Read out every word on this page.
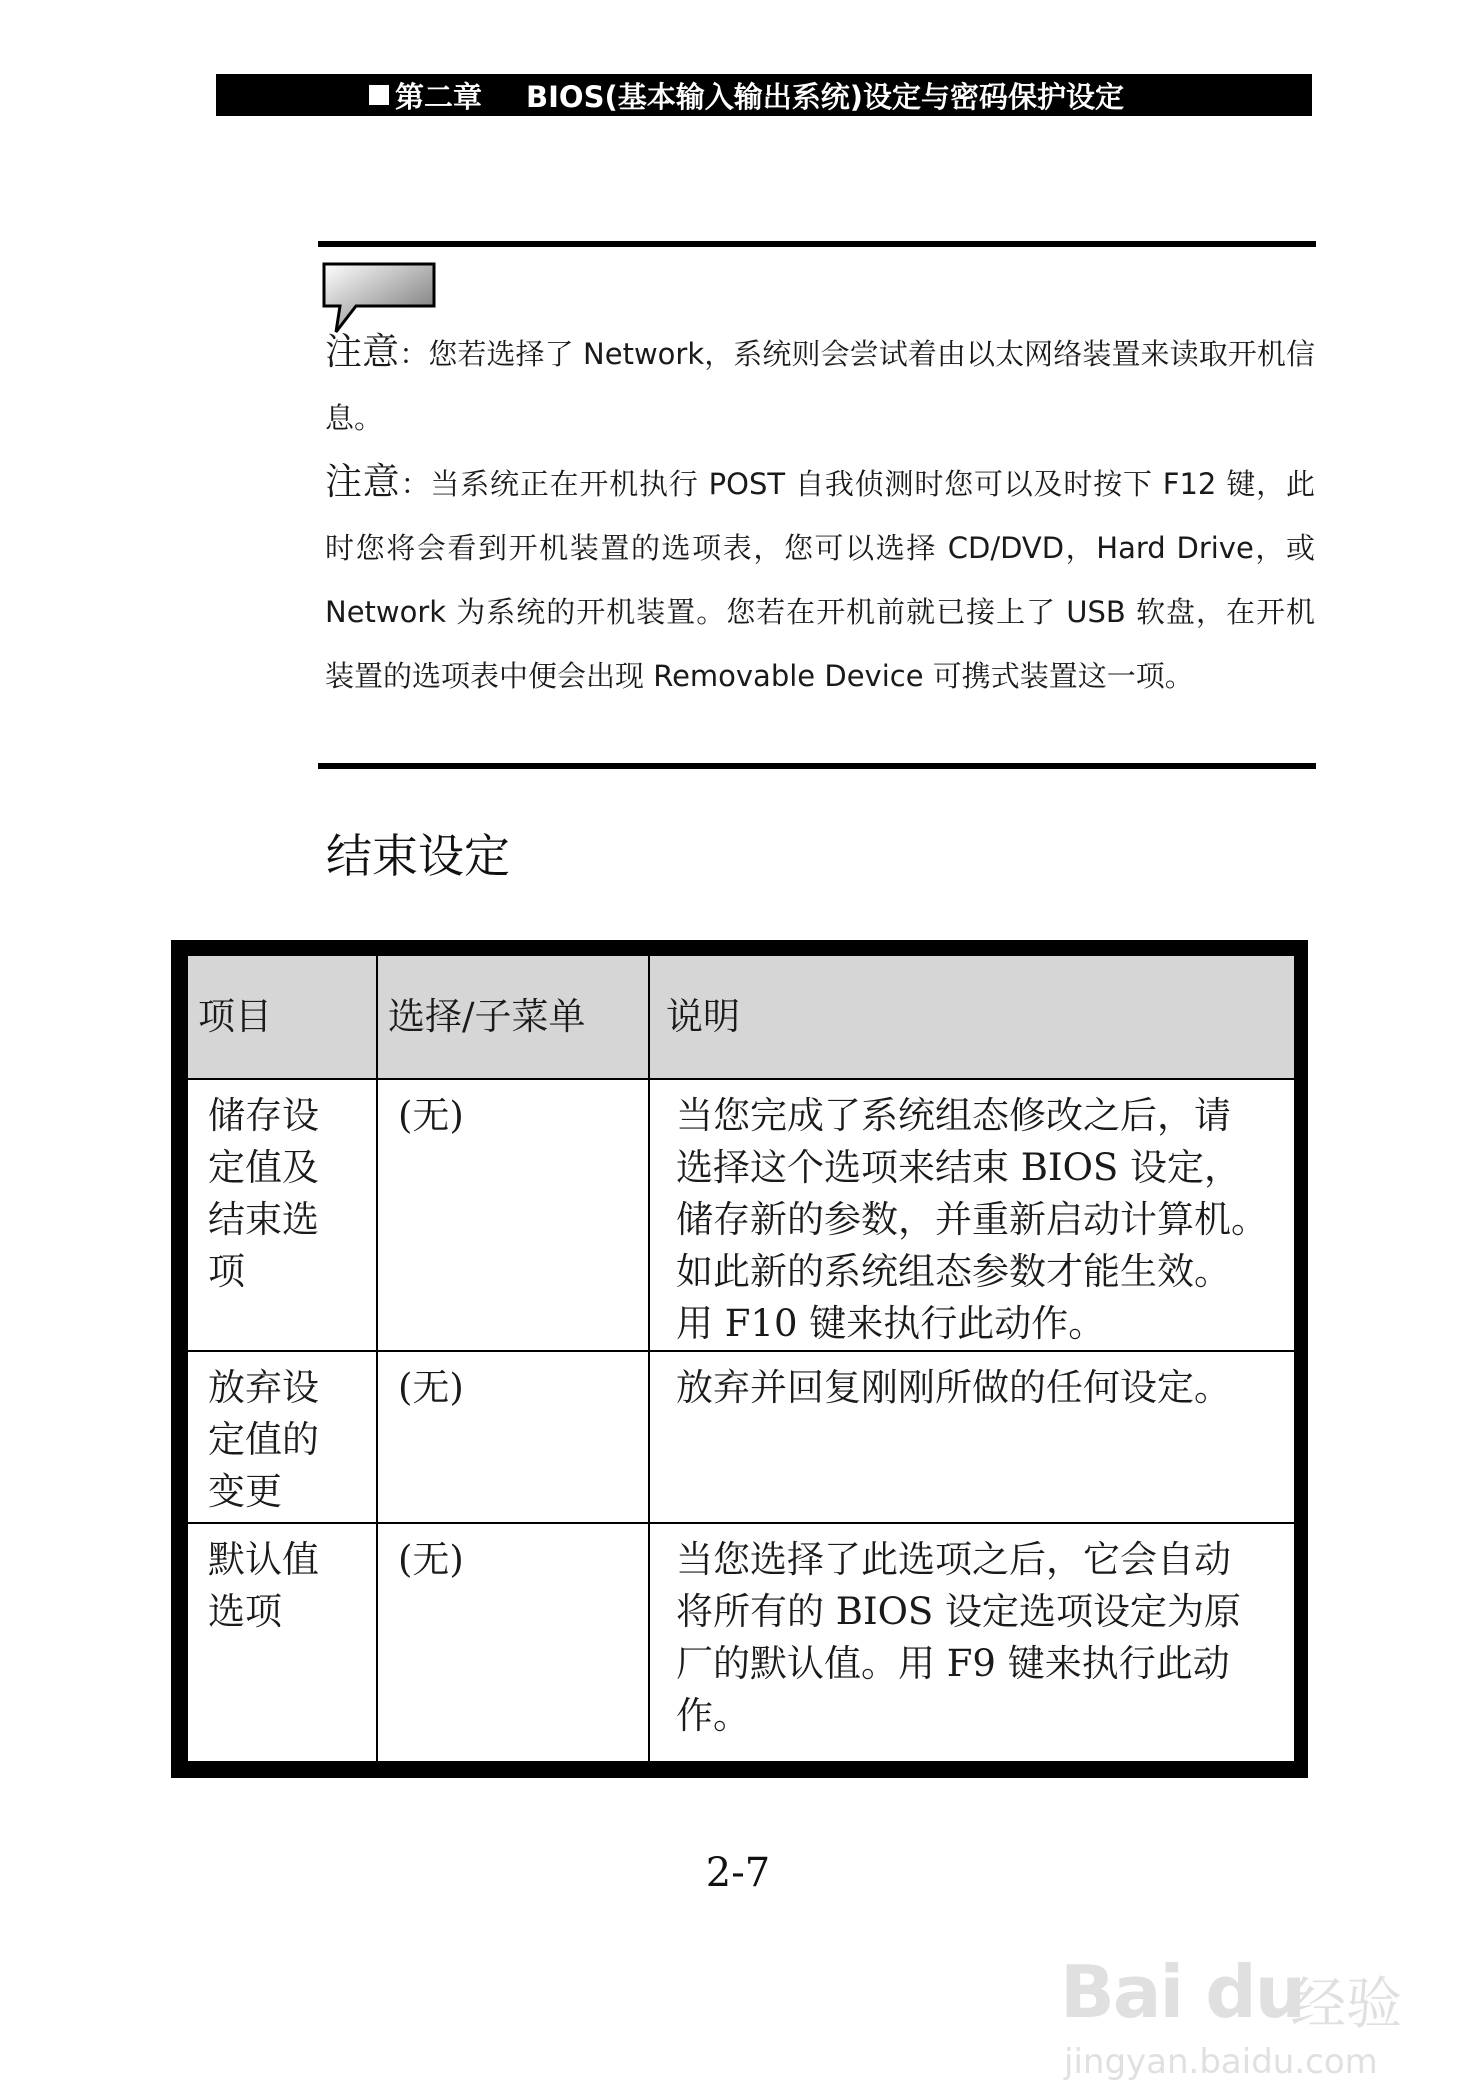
第二章 BIOS(基本输入输出系统)设定与密码保护设定

注意：您若选择了 Network，系统则会尝试着由以太网络装置来读取开机信息。

注意：当系统正在开机执行 POST 自我侦测时您可以及时按下 F12 键，此时您将会看到开机装置的选项表，您可以选择 CD/DVD，Hard Drive，或 Network 为系统的开机装置。您若在开机前就已接上了 USB 软盘，在开机装置的选项表中便会出现 Removable Device 可携式装置这一项。

结束设定
项目	选择/子菜单	说明

储存设
定值及
结束选
项	(无)	当您完成了系统组态修改之后，请
选择这个选项来结束 BIOS 设定，
储存新的参数，并重新启动计算机。
如此新的系统组态参数才能生效。
用 F10 键来执行此动作。

放弃设
定值的
变更	(无)	放弃并回复刚刚所做的任何设定。

默认值
选项	(无)	当您选择了此选项之后，它会自动
将所有的 BIOS 设定选项设定为原
厂的默认值。用 F9 键来执行此动
作。
2-7
Bai du
经验
jingyan.baidu.com
